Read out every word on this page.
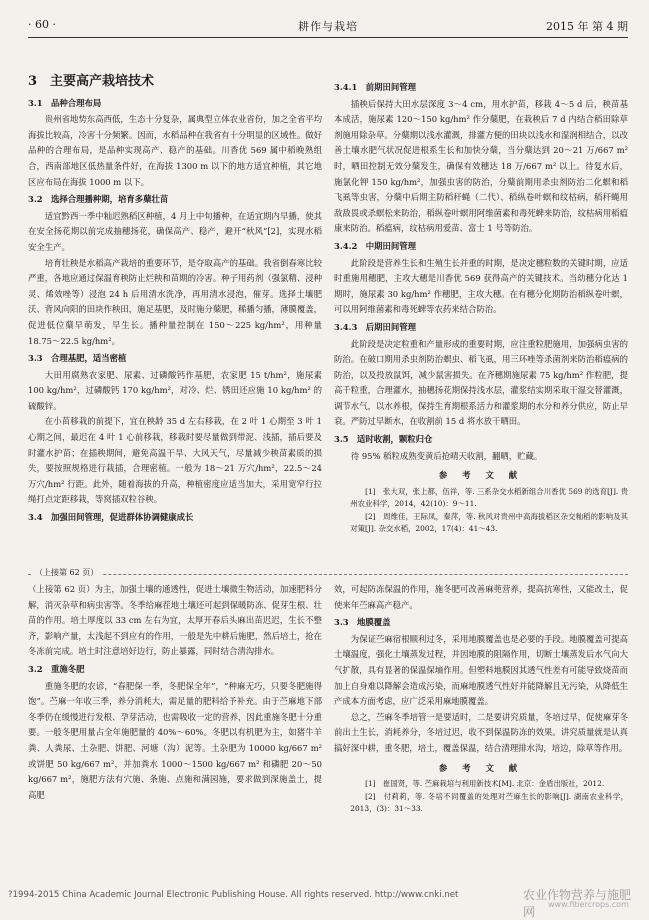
· 60 ·	耕作与栽培	2015 年 第 4 期
3　主要高产栽培技术
3.1　品种合理布局

贵州省地势东高西低，生态十分复杂，属典型立体农业省份，加之全省平均海拔比较高，冷害十分频繁。因而，水稻品种在我省有十分明显的区域性。做好品种的合理布局，是品种实现高产、稳产的基础。川香优 569 属中稻晚熟组合，西南部地区低热量条件好，在海拔 1300 m 以下的地方适宜种植，其它地区应布局在海拔 1000 m 以下。

3.2　选择合理播种期，培育多蘖壮苗

适宜黔西一季中籼迟熟稻区种植，4 月上中旬播种，在适宜期内早播，使其在安全扬花期以前完成抽穗扬花，确保高产、稳产，避开“秋风”[2]，实现水稻安全生产。

培育壮秧是水稻高产栽培的重要环节，是夺取高产的基础。我省倒春寒比较严重，各地应通过保温育秧防止烂秧和苗期的冷害。种子用药剂（强氯精、浸种灵、烯效唑等）浸泡 24 h 后用清水洗净，再用清水浸泡，催芽。选择土壤肥沃、背风向阳的田块作秧田，施足基肥，及时施分蘖肥，稀播匀播，薄膜覆盖，促进低位蘖早萌发，早生长。播种量控制在 150～225 kg/hm²，用种量 18.75～22.5 kg/hm²。

3.3　合理基肥，适当密植

大田用腐熟农家肥、尿素、过磷酸钙作基肥，农家肥 15 t/hm²，施尿素 100 kg/hm²，过磷酸钙 170 kg/hm²，对冷、烂、锈田还应施 10 kg/hm² 的硫酸锌。

在小苗移栽的前提下，宜在秧龄 35 d 左右移栽，在 2 叶 1 心期至 3 叶 1 心期之间，最迟在 4 叶 1 心前移栽，移栽时要尽量做到带泥、浅插，插后要及时灌水护苗；在插秧期间，避免高温干旱、大风天气，尽量减少秧苗素质的损失，要按照规格进行栽插，合理密植。一般为 18～21 万穴/hm²，22.5～24 万穴/hm² 行距。此外，随着海拔的升高，种植密度应适当加大，采用宽窄行拉绳打点定距移栽，等窝插双粒谷秧。

3.4　加强田间管理，促进群体协调健康成长
3.4.1　前期田间管理

插秧后保持大田水层深度 3～4 cm，用水护苗，移栽 4～5 d 后，秧苗基本成活，施尿素 120～150 kg/hm² 作分蘖肥，在栽秧后 7 d 内结合稻田除草剂施用除杂草。分蘖期以浅水灌溉，排灌方便的田块以浅水和湿润相结合，以改善土壤水肥气状况促进根系生长和加快分蘖，当分蘖达到 20～21 万/667 m² 时，晒田控制无效分蘖发生，确保有效穗达 18 万/667 m² 以上。待复水后，施氯化钾 150 kg/hm²，加强虫害的防治，分蘖前期用杀虫剂防治二化螟和稻飞虱等虫害，分蘖中后期主防稻秆蝇（二代）、稻纵卷叶螟和纹枯病，稻秆蝇用敌敌畏或杀螟松来防治，稻纵卷叶螟用阿维菌素和毒死蜱来防治，纹枯病用稻瘟康来防治。稻瘟病，纹枯病用爱苗、富士 1 号等防治。

3.4.2　中期田间管理

此阶段是营养生长和生殖生长并重的时期，是决定穗粒数的关键时期，应适时重施用穗肥，主攻大穗是川香优 569 获得高产的关键技术。当幼穗分化达 1 期时，施尿素 30 kg/hm² 作穗肥，主攻大穗。在有穗分化期防治稻纵卷叶螟，可以用阿维菌素和毒死蜱等农药来结合防治。

3.4.3　后期田间管理

此阶段是决定粒重和产量形成的重要时期，应注重粒肥施用，加强病虫害的防治。在破口期用杀虫剂防治螟虫、稻飞虱，用三环唑等杀菌剂来防治稻瘟病的防治，以及投放鼠饵，减少鼠害损失。在齐穗期施尿素 75 kg/hm² 作粒肥，提高千粒重，合理灌水，抽穗扬花期保持浅水层，灌浆结实期采取干湿交替灌溉，调节水气，以水养根，保持生育期根系活力和灌浆期的水分和养分供应，防止早衰。严防过早断水，在收割前 15 d 将水放干晒田。

3.5　适时收割，颗粒归仓

待 95% 稻粒成熟变黄后抢晴天收割，翻晒，贮藏。

参 考 文 献

[1]　张大双，张上都，伍祥，等. 三系杂交水稻新组合川香优 569 的选育[J]. 贵州农业科学，2014，42(10)：9～11.

[2]　周维佳，王际凤，秦萍，等. 秋风对贵州中高海拔稻区杂交籼稻的影响及其对策[J]. 杂交水稻，2002，17(4)：41～43.

（上接第 62 页）

（上接第 62 页）为主，加强土壤的通透性，促进土壤微生物活动，加速肥料分解，消灭杂草和病虫害等。冬季给麻茬地土壤还可起到保暖防冻、促芽生根、壮苗的作用。培土厚度以 33 cm 左右为宜，太厚开春后头麻出苗迟迟，生长不整齐，影响产量，太浅起不到应有的作用，一般是先中耕后施肥，然后培土，抢在冬冻前完成。培土时注意培好边行，防止暴露，同时结合清沟排水。

3.2　重施冬肥

重施冬肥的农谚，“春肥保一季，冬肥保全年”，“种麻无巧，只要冬肥施得饱”。苎麻一年收三季，养分消耗大，需足量的肥料给予补充。由于苎麻地下部冬季仍在缓慢进行发根、孕芽活动，也需吸收一定的营养，因此重施冬肥十分重要。一般冬肥用量占全年施肥量的 40%～60%。冬肥以有机肥为主，如猪牛羊粪、人粪尿、土杂肥、饼肥、河塘（沟）泥等。土杂肥为 10000 kg/667 m² 或饼肥 50 kg/667 m²，并加粪水 1000～1500 kg/667 m² 和磷肥 20～50 kg/667 m²，施肥方法有穴施、条施、点施和满园施，要求做到深施盖土，提高肥

效，可起防冻保温的作用，施冬肥可改善麻蔸营养，提高抗寒性，又能改土，促使来年苎麻高产稳产。

3.3　地膜覆盖

为保证苎麻宿根顺利过冬，采用地膜覆盖也是必要的手段。地膜覆盖可提高土壤温度，强化土壤蒸发过程，并因地膜的阻隔作用，切断土壤蒸发后水气向大气扩散，具有显著的保温保墒作用。但塑料地膜因其透气性差有可能导致烧苗而加上自身难以降解会造成污染，而麻地膜透气性好并能降解且无污染，从降低生产成本方面考虑，应广泛采用麻地膜覆盖。

总之，苎麻冬季培管一是要适时，二是要讲究质量，冬培过早，促使麻芽冬前出土生长，消耗养分，冬培过迟，收不到保温防冻的效果。讲究质量就是认真搞好深中耕，重冬肥，培土，覆盖保温，结合清理排水沟，培边，除草等作用。

参 考 文 献

[1]　崔国贤，等. 苎麻栽培与利用新技术[M]. 北京：金盾出版社，2012.

[2]　付莉莉，等. 冬培不同覆盖的处理对苎麻生长的影响[J]. 湖南农业科学，2013，(3)：31～33.

?1994-2015 China Academic Journal Electronic Publishing House. All rights reserved. http://www.cnki.net	农业作物营养与施肥网
www.fibercrops.com
